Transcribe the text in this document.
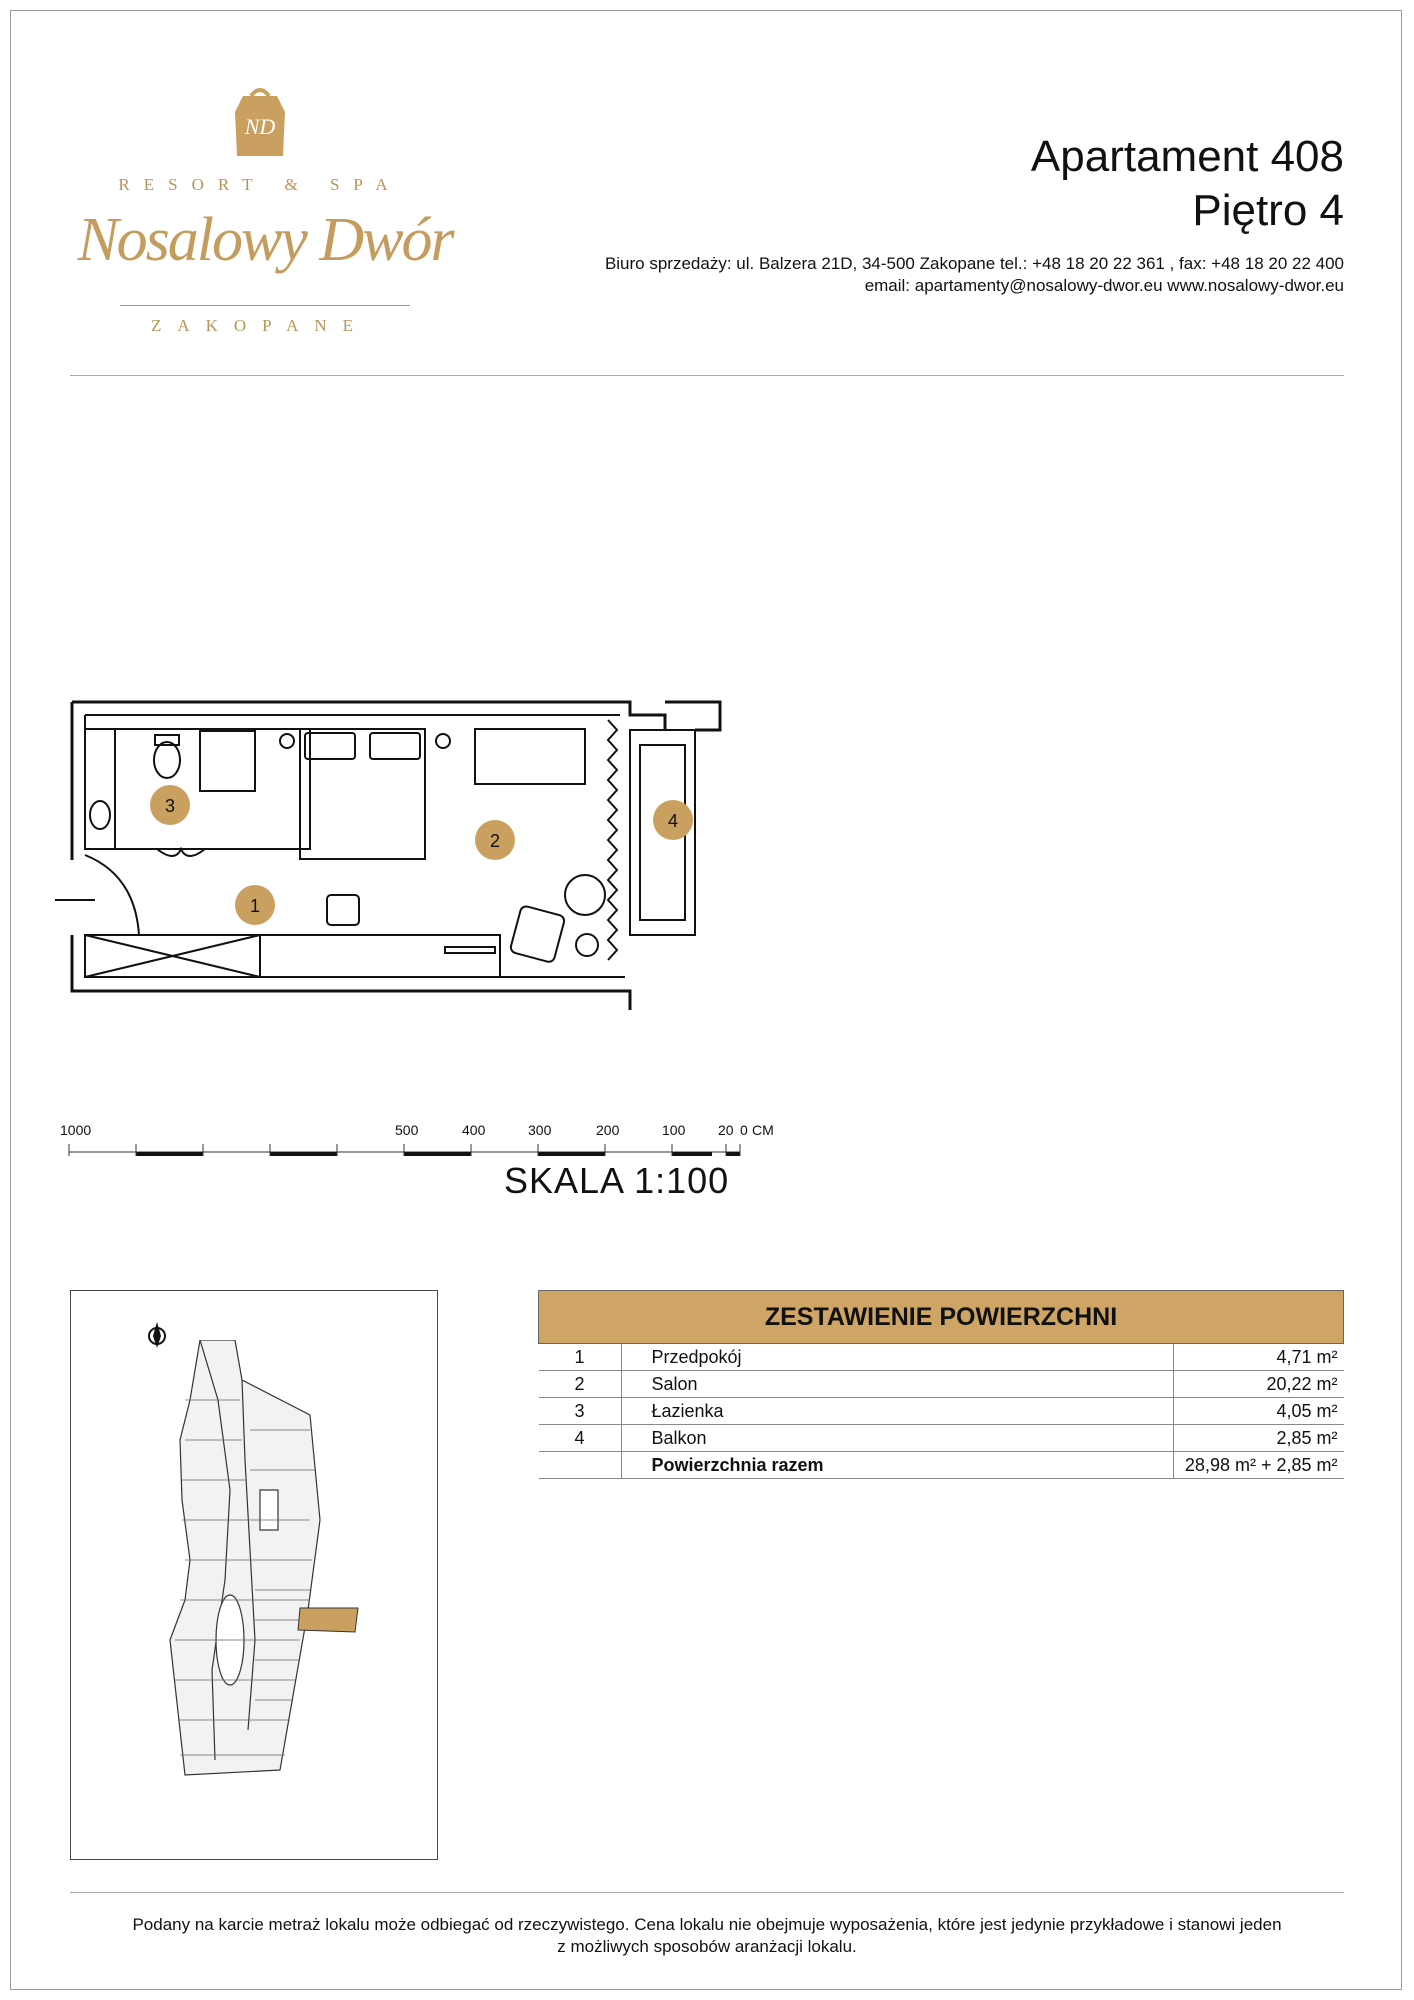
ND
RESORT & SPA
Nosalowy Dwór
ZAKOPANE
Apartament 408
Piętro 4
Biuro sprzedaży: ul. Balzera 21D, 34-500 Zakopane tel.: +48 18 20 22 361 , fax: +48 18 20 22 400
email: apartamenty@nosalowy-dwor.eu www.nosalowy-dwor.eu
1
2
3
4
1000	500	400	300	200	100 20 0 CM
SKALA 1:100
ZESTAWIENIE POWIERZCHNI		
1	Przedpokój	4,71 m²
2	Salon	20,22 m²
3	Łazienka	4,05 m²
4	Balkon	2,85 m²
	Powierzchnia razem	28,98 m² + 2,85 m²
Podany na karcie metraż lokalu może odbiegać od rzeczywistego. Cena lokalu nie obejmuje wyposażenia, które jest jedynie przykładowe i stanowi jeden
z możliwych sposobów aranżacji lokalu.
